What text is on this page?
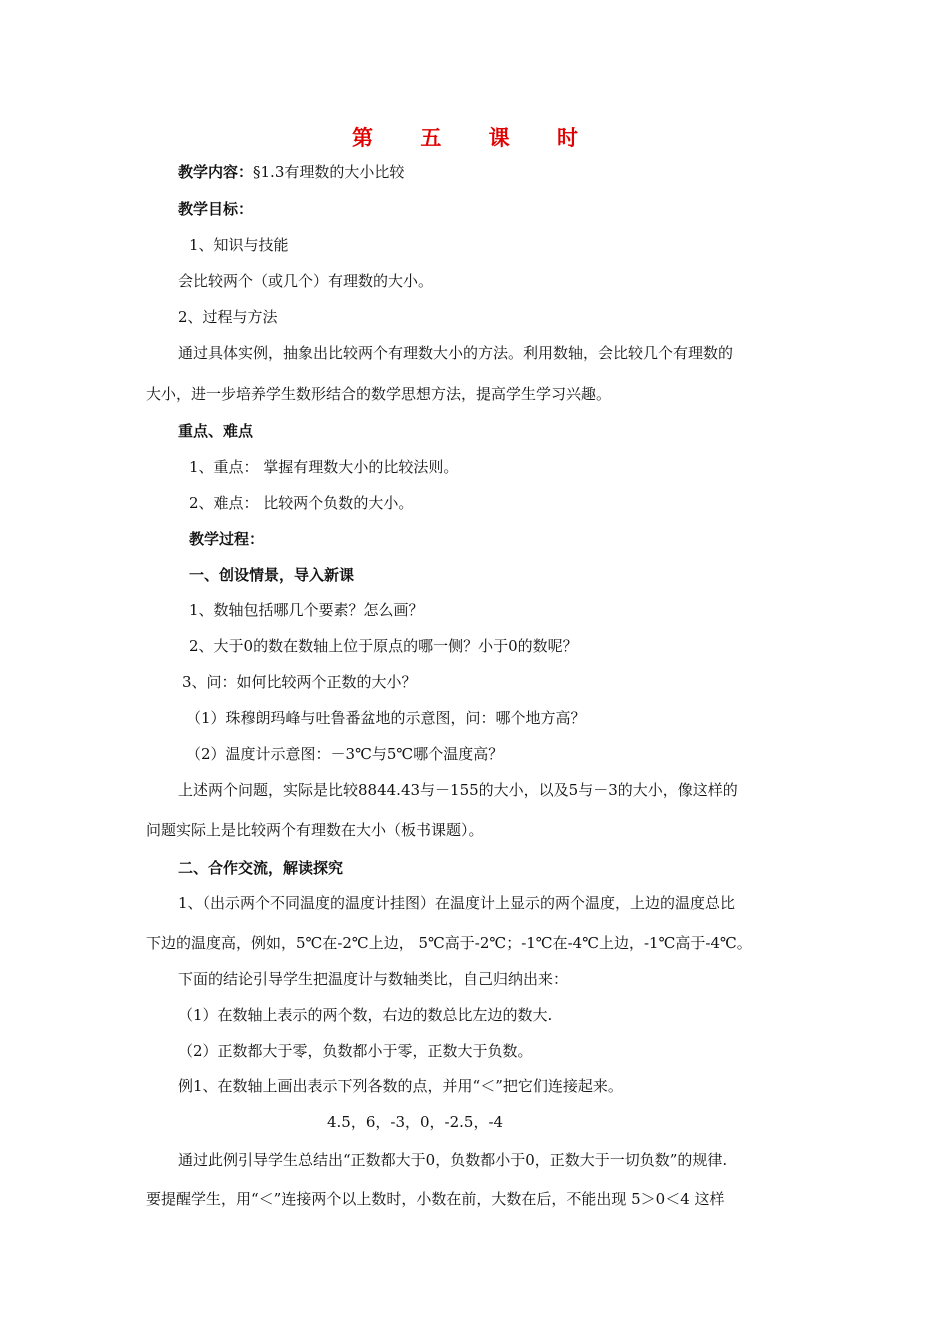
第 五 课 时
教学内容：§1.3有理数的大小比较
教学目标：
1、知识与技能
会比较两个（或几个）有理数的大小。
2、过程与方法
通过具体实例，抽象出比较两个有理数大小的方法。利用数轴，会比较几个有理数的
大小，进一步培养学生数形结合的数学思想方法，提高学生学习兴趣。
重点、难点
1、重点： 掌握有理数大小的比较法则。
2、难点： 比较两个负数的大小。
教学过程：
一、创设情景，导入新课
1、数轴包括哪几个要素？怎么画？
2、大于0的数在数轴上位于原点的哪一侧？小于0的数呢？
3、问：如何比较两个正数的大小？
（1）珠穆朗玛峰与吐鲁番盆地的示意图，问：哪个地方高？
（2）温度计示意图：－3℃与5℃哪个温度高？
上述两个问题，实际是比较8844.43与－155的大小，以及5与－3的大小，像这样的
问题实际上是比较两个有理数在大小（板书课题）。
二、合作交流，解读探究
1、（出示两个不同温度的温度计挂图）在温度计上显示的两个温度，上边的温度总比
下边的温度高，例如，5℃在-2℃上边， 5℃高于-2℃；-1℃在-4℃上边，-1℃高于-4℃。
下面的结论引导学生把温度计与数轴类比，自己归纳出来：
（1）在数轴上表示的两个数，右边的数总比左边的数大.
（2）正数都大于零，负数都小于零，正数大于负数。
例1、在数轴上画出表示下列各数的点，并用“＜”把它们连接起来。
4.5，6，-3，0，-2.5，-4
通过此例引导学生总结出“正数都大于0，负数都小于0，正数大于一切负数”的规律.
要提醒学生，用“＜”连接两个以上数时，小数在前，大数在后，不能出现 5＞0＜4 这样
